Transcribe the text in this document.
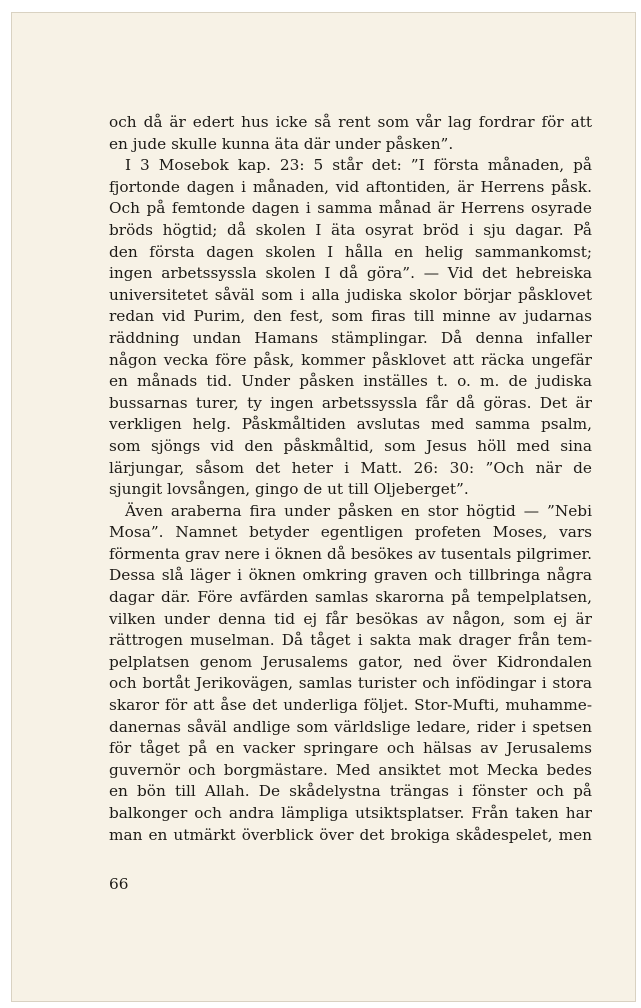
och då är edert hus icke så rent som vår lag fordrar för att
en jude skulle kunna äta där under påsken”.
I 3 Mosebok kap. 23: 5 står det: ”I första månaden, på
fjortonde dagen i månaden, vid aftontiden, är Herrens påsk.
Och på femtonde dagen i samma månad är Herrens osyrade
bröds högtid; då skolen I äta osyrat bröd i sju dagar. På
den första dagen skolen I hålla en helig sammankomst;
ingen arbetssyssla skolen I då göra”. — Vid det hebreiska
universitetet såväl som i alla judiska skolor börjar påsklovet
redan vid Purim, den fest, som firas till minne av judarnas
räddning undan Hamans stämplingar. Då denna infaller
någon vecka före påsk, kommer påsklovet att räcka ungefär
en månads tid. Under påsken inställes t. o. m. de judiska
bussarnas turer, ty ingen arbetssyssla får då göras. Det är
verkligen helg. Påskmåltiden avslutas med samma psalm,
som sjöngs vid den påskmåltid, som Jesus höll med sina
lärjungar, såsom det heter i Matt. 26: 30: ”Och när de
sjungit lovsången, gingo de ut till Oljeberget”.
Även araberna fira under påsken en stor högtid — ”Nebi
Mosa”. Namnet betyder egentligen profeten Moses, vars
förmenta grav nere i öknen då besökes av tusentals pilgrimer.
Dessa slå läger i öknen omkring graven och tillbringa några
dagar där. Före avfärden samlas skarorna på tempelplatsen,
vilken under denna tid ej får besökas av någon, som ej är
rättrogen muselman. Då tåget i sakta mak drager från tem-
pelplatsen genom Jerusalems gator, ned över Kidrondalen
och bortåt Jerikovägen, samlas turister och infödingar i stora
skaror för att åse det underliga följet. Stor-Mufti, muhamme-
danernas såväl andlige som världslige ledare, rider i spetsen
för tåget på en vacker springare och hälsas av Jerusalems
guvernör och borgmästare. Med ansiktet mot Mecka bedes
en bön till Allah. De skådelystna trängas i fönster och på
balkonger och andra lämpliga utsiktsplatser. Från taken har
man en utmärkt överblick över det brokiga skådespelet, men
66
